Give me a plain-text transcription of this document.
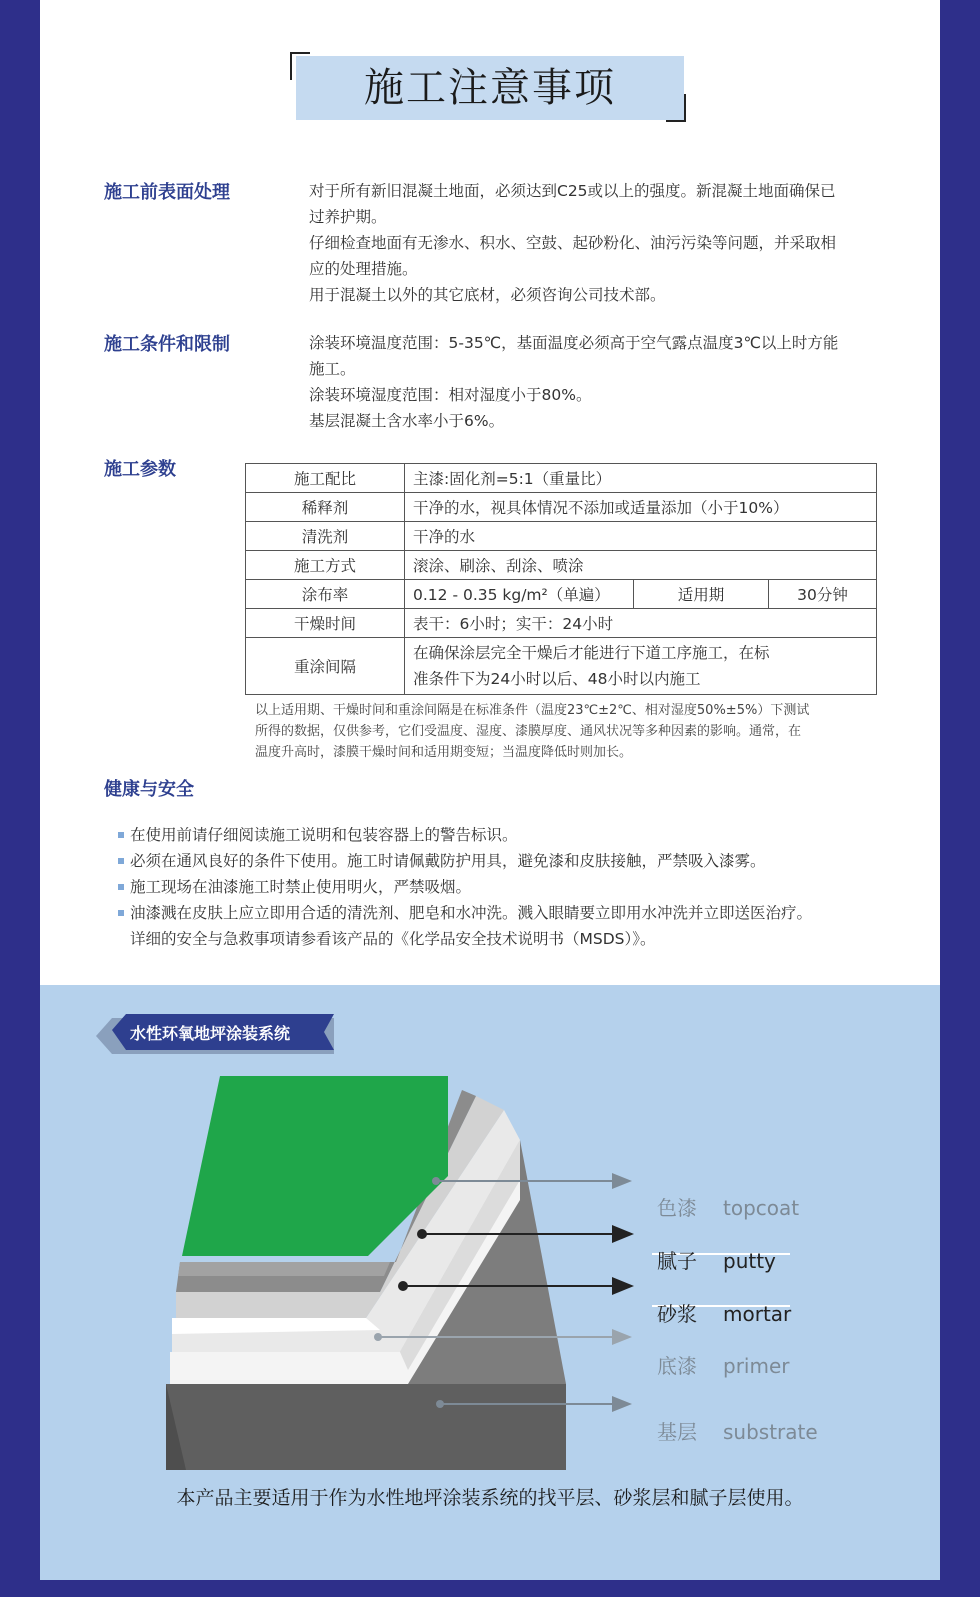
施工注意事项
施工前表面处理	对于所有新旧混凝土地面，必须达到C25或以上的强度。新混凝土地面确保已
过养护期。
仔细检查地面有无渗水、积水、空鼓、起砂粉化、油污污染等问题，并采取相
应的处理措施。
用于混凝土以外的其它底材，必须咨询公司技术部。
施工条件和限制	涂装环境温度范围：5-35℃，基面温度必须高于空气露点温度3℃以上时方能
施工。
涂装环境湿度范围：相对湿度小于80%。
基层混凝土含水率小于6%。
施工参数	施工配比	主漆:固化剂=5:1（重量比）		
稀释剂	干净的水，视具体情况不添加或适量添加（小于10%）		
清洗剂	干净的水		
施工方式	滚涂、刷涂、刮涂、喷涂		
涂布率	0.12 - 0.35 kg/m²（单遍）	适用期	30分钟
干燥时间	表干：6小时；实干：24小时		
重涂间隔	在确保涂层完全干燥后才能进行下道工序施工，在标
准条件下为24小时以后、48小时以内施工		
以上适用期、干燥时间和重涂间隔是在标准条件（温度23℃±2℃、相对湿度50%±5%）下测试
所得的数据，仅供参考，它们受温度、湿度、漆膜厚度、通风状况等多种因素的影响。通常，在
温度升高时，漆膜干燥时间和适用期变短；当温度降低时则加长。
健康与安全
在使用前请仔细阅读施工说明和包装容器上的警告标识。
必须在通风良好的条件下使用。施工时请佩戴防护用具，避免漆和皮肤接触，严禁吸入漆雾。
施工现场在油漆施工时禁止使用明火，严禁吸烟。
油漆溅在皮肤上应立即用合适的清洗剂、肥皂和水冲洗。溅入眼睛要立即用水冲洗并立即送医治疗。
详细的安全与急救事项请参看该产品的《化学品安全技术说明书（MSDS）》。
水性环氧地坪涂装系统
色漆 topcoat
腻子 putty
砂浆 mortar
底漆 primer
基层 substrate
本产品主要适用于作为水性地坪涂装系统的找平层、砂浆层和腻子层使用。
